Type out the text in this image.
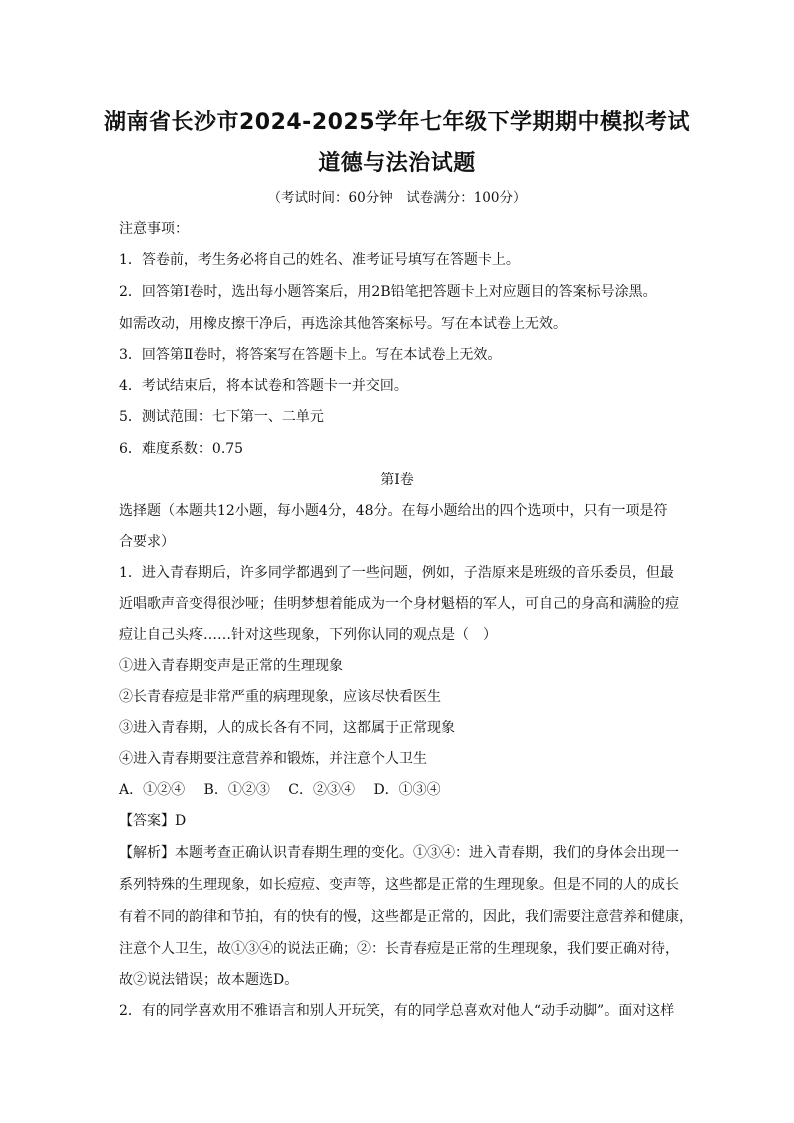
湖南省长沙市2024-2025学年七年级下学期期中模拟考试
道德与法治试题
（考试时间：60分钟　试卷满分：100分）
注意事项：
1．答卷前，考生务必将自己的姓名、准考证号填写在答题卡上。
2．回答第Ⅰ卷时，选出每小题答案后，用2B铅笔把答题卡上对应题目的答案标号涂黑。
如需改动，用橡皮擦干净后，再选涂其他答案标号。写在本试卷上无效。
3．回答第Ⅱ卷时，将答案写在答题卡上。写在本试卷上无效。
4．考试结束后，将本试卷和答题卡一并交回。
5．测试范围：七下第一、二单元
6．难度系数：0.75
第Ⅰ卷
选择题（本题共12小题，每小题4分，48分。在每小题给出的四个选项中，只有一项是符
合要求）
1．进入青春期后，许多同学都遇到了一些问题，例如，子浩原来是班级的音乐委员，但最
近唱歌声音变得很沙哑；佳明梦想着能成为一个身材魁梧的军人，可自己的身高和满脸的痘
痘让自己头疼……针对这些现象，下列你认同的观点是（　）
①进入青春期变声是正常的生理现象
②长青春痘是非常严重的病理现象，应该尽快看医生
③进入青春期，人的成长各有不同，这都属于正常现象
④进入青春期要注意营养和锻炼，并注意个人卫生
A．①②④　 B．①②③　 C．②③④　 D．①③④
【答案】D
【解析】本题考查正确认识青春期生理的变化。①③④：进入青春期，我们的身体会出现一
系列特殊的生理现象，如长痘痘、变声等，这些都是正常的生理现象。但是不同的人的成长
有着不同的韵律和节拍，有的快有的慢，这些都是正常的，因此，我们需要注意营养和健康，
注意个人卫生，故①③④的说法正确；②：长青春痘是正常的生理现象，我们要正确对待，
故②说法错误；故本题选D。
2．有的同学喜欢用不雅语言和别人开玩笑，有的同学总喜欢对他人“动手动脚”。面对这样
